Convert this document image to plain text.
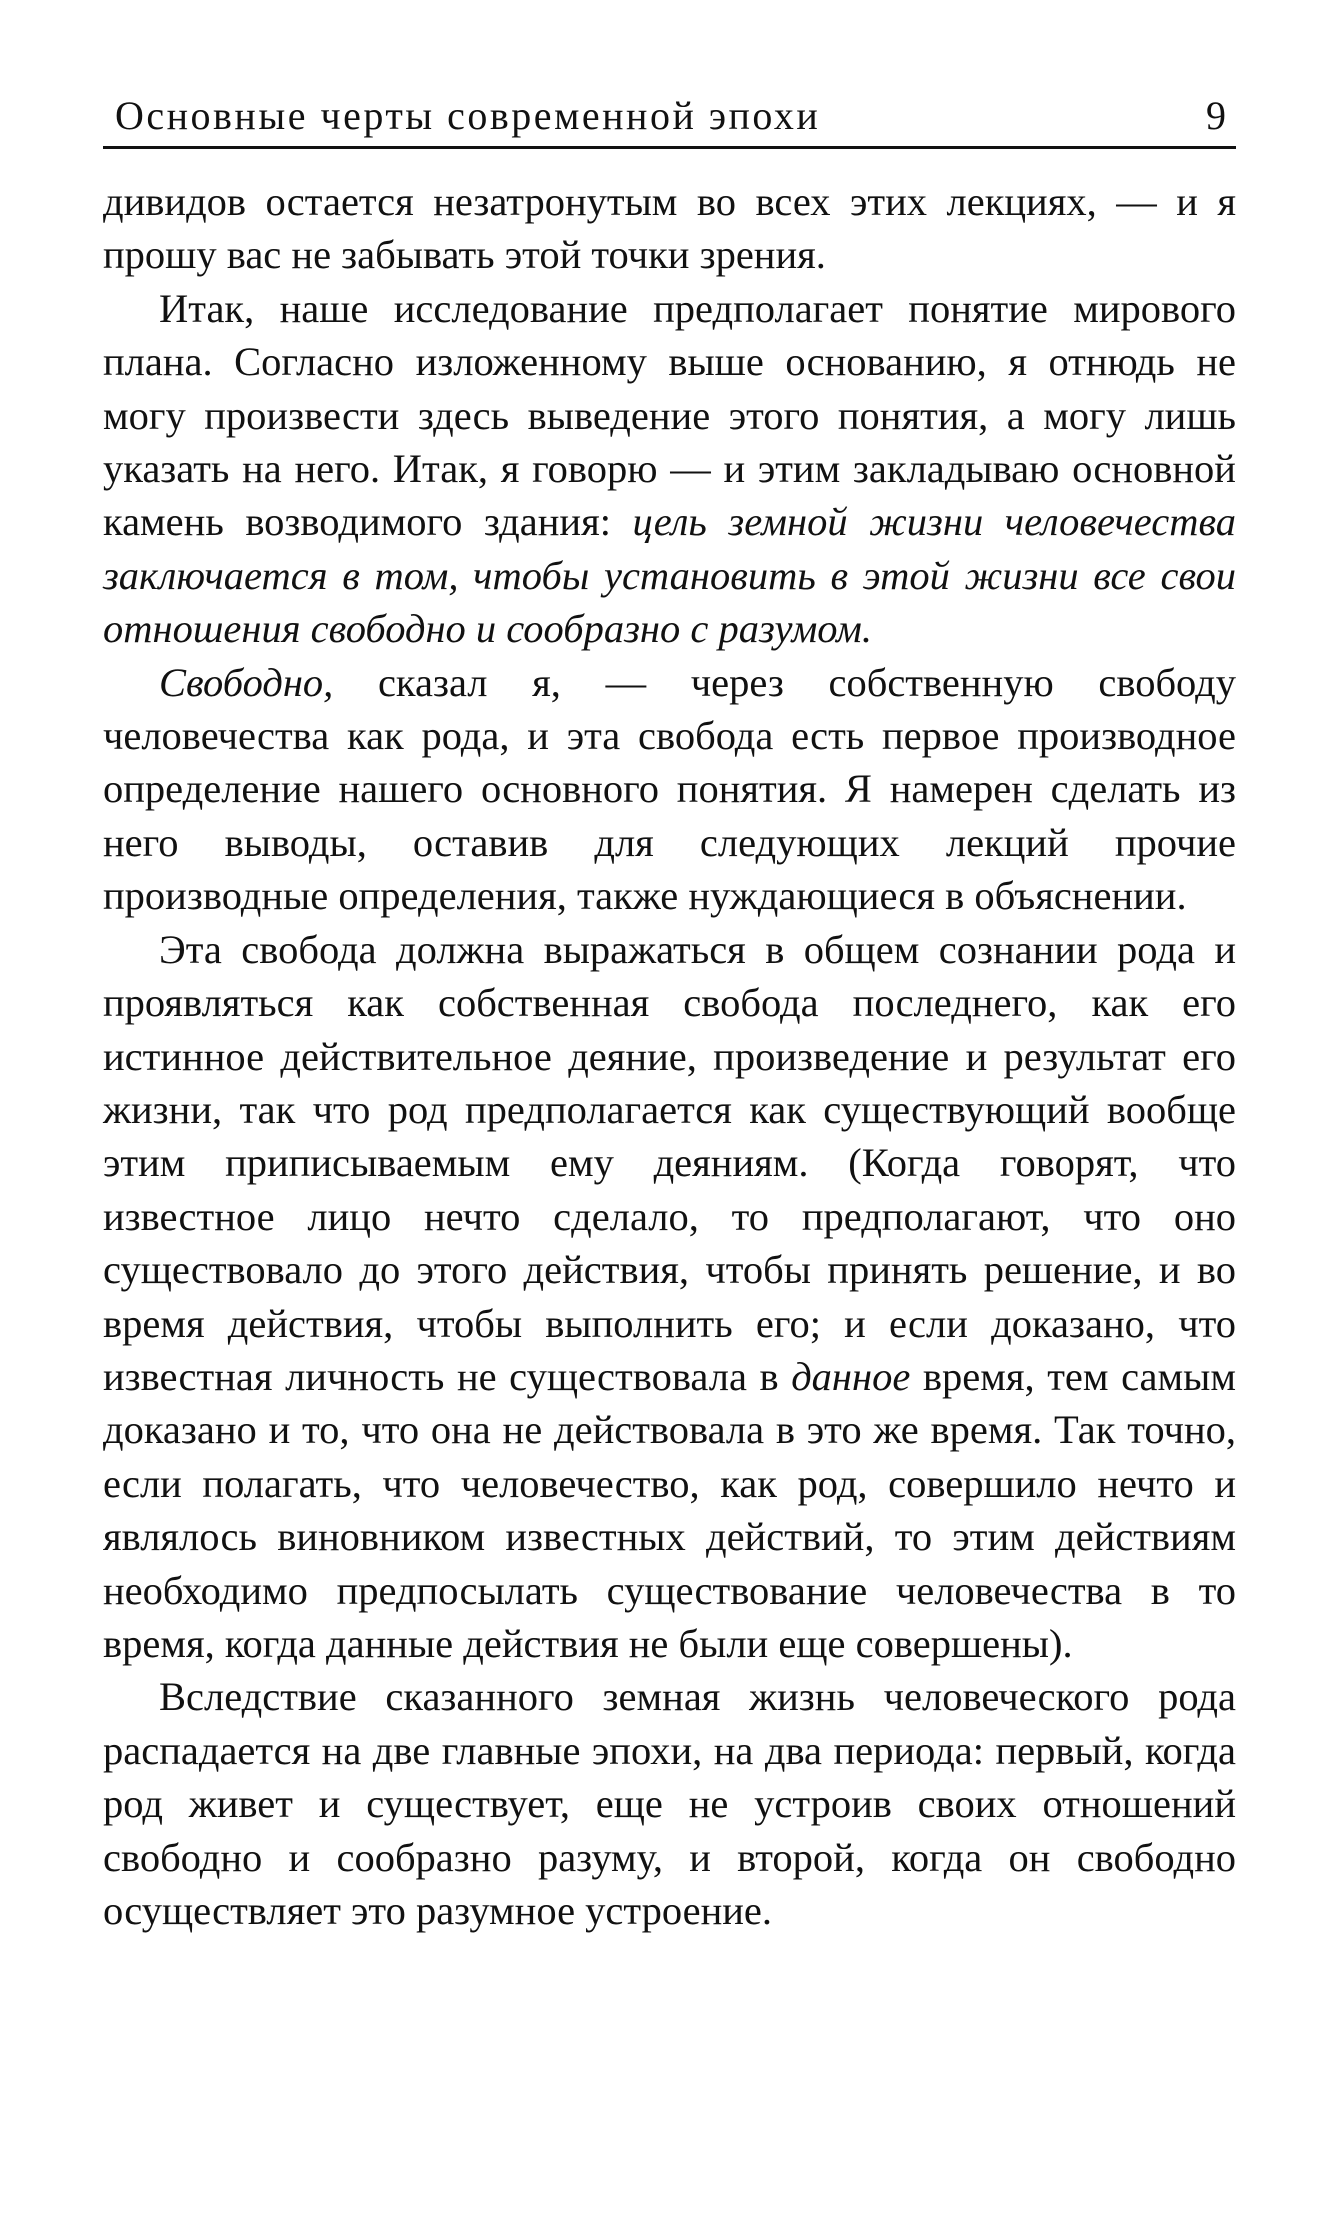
Основные черты современной эпохи	9

дивидов остается незатронутым во всех этих лекциях, — и я прошу вас не забывать этой точки зрения.

Итак, наше исследование предполагает понятие мирового плана. Согласно изложенному выше основанию, я отнюдь не могу произвести здесь выведение этого понятия, а могу лишь указать на него. Итак, я говорю — и этим закладываю основной камень возводимого здания: цель земной жизни человечества заключается в том, чтобы установить в этой жизни все свои отношения свободно и сообразно с разумом.

Свободно, сказал я, — через собственную свободу человечества как рода, и эта свобода есть первое производное определение нашего основного понятия. Я намерен сделать из него выводы, оставив для следующих лекций прочие производные определения, также нуждающиеся в объяснении.

Эта свобода должна выражаться в общем сознании рода и проявляться как собственная свобода последнего, как его истинное действительное деяние, произведение и результат его жизни, так что род предполагается как существующий вообще этим приписываемым ему деяниям. (Когда говорят, что известное лицо нечто сделало, то предполагают, что оно существовало до этого действия, чтобы принять решение, и во время действия, чтобы выполнить его; и если доказано, что известная личность не существовала в данное время, тем самым доказано и то, что она не действовала в это же время. Так точно, если полагать, что человечество, как род, совершило нечто и являлось виновником известных действий, то этим действиям необходимо предпосылать существование человечества в то время, когда данные действия не были еще совершены).

Вследствие сказанного земная жизнь человеческого рода распадается на две главные эпохи, на два периода: первый, когда род живет и существует, еще не устроив своих отношений свободно и сообразно разуму, и второй, когда он свободно осуществляет это разумное устроение.
